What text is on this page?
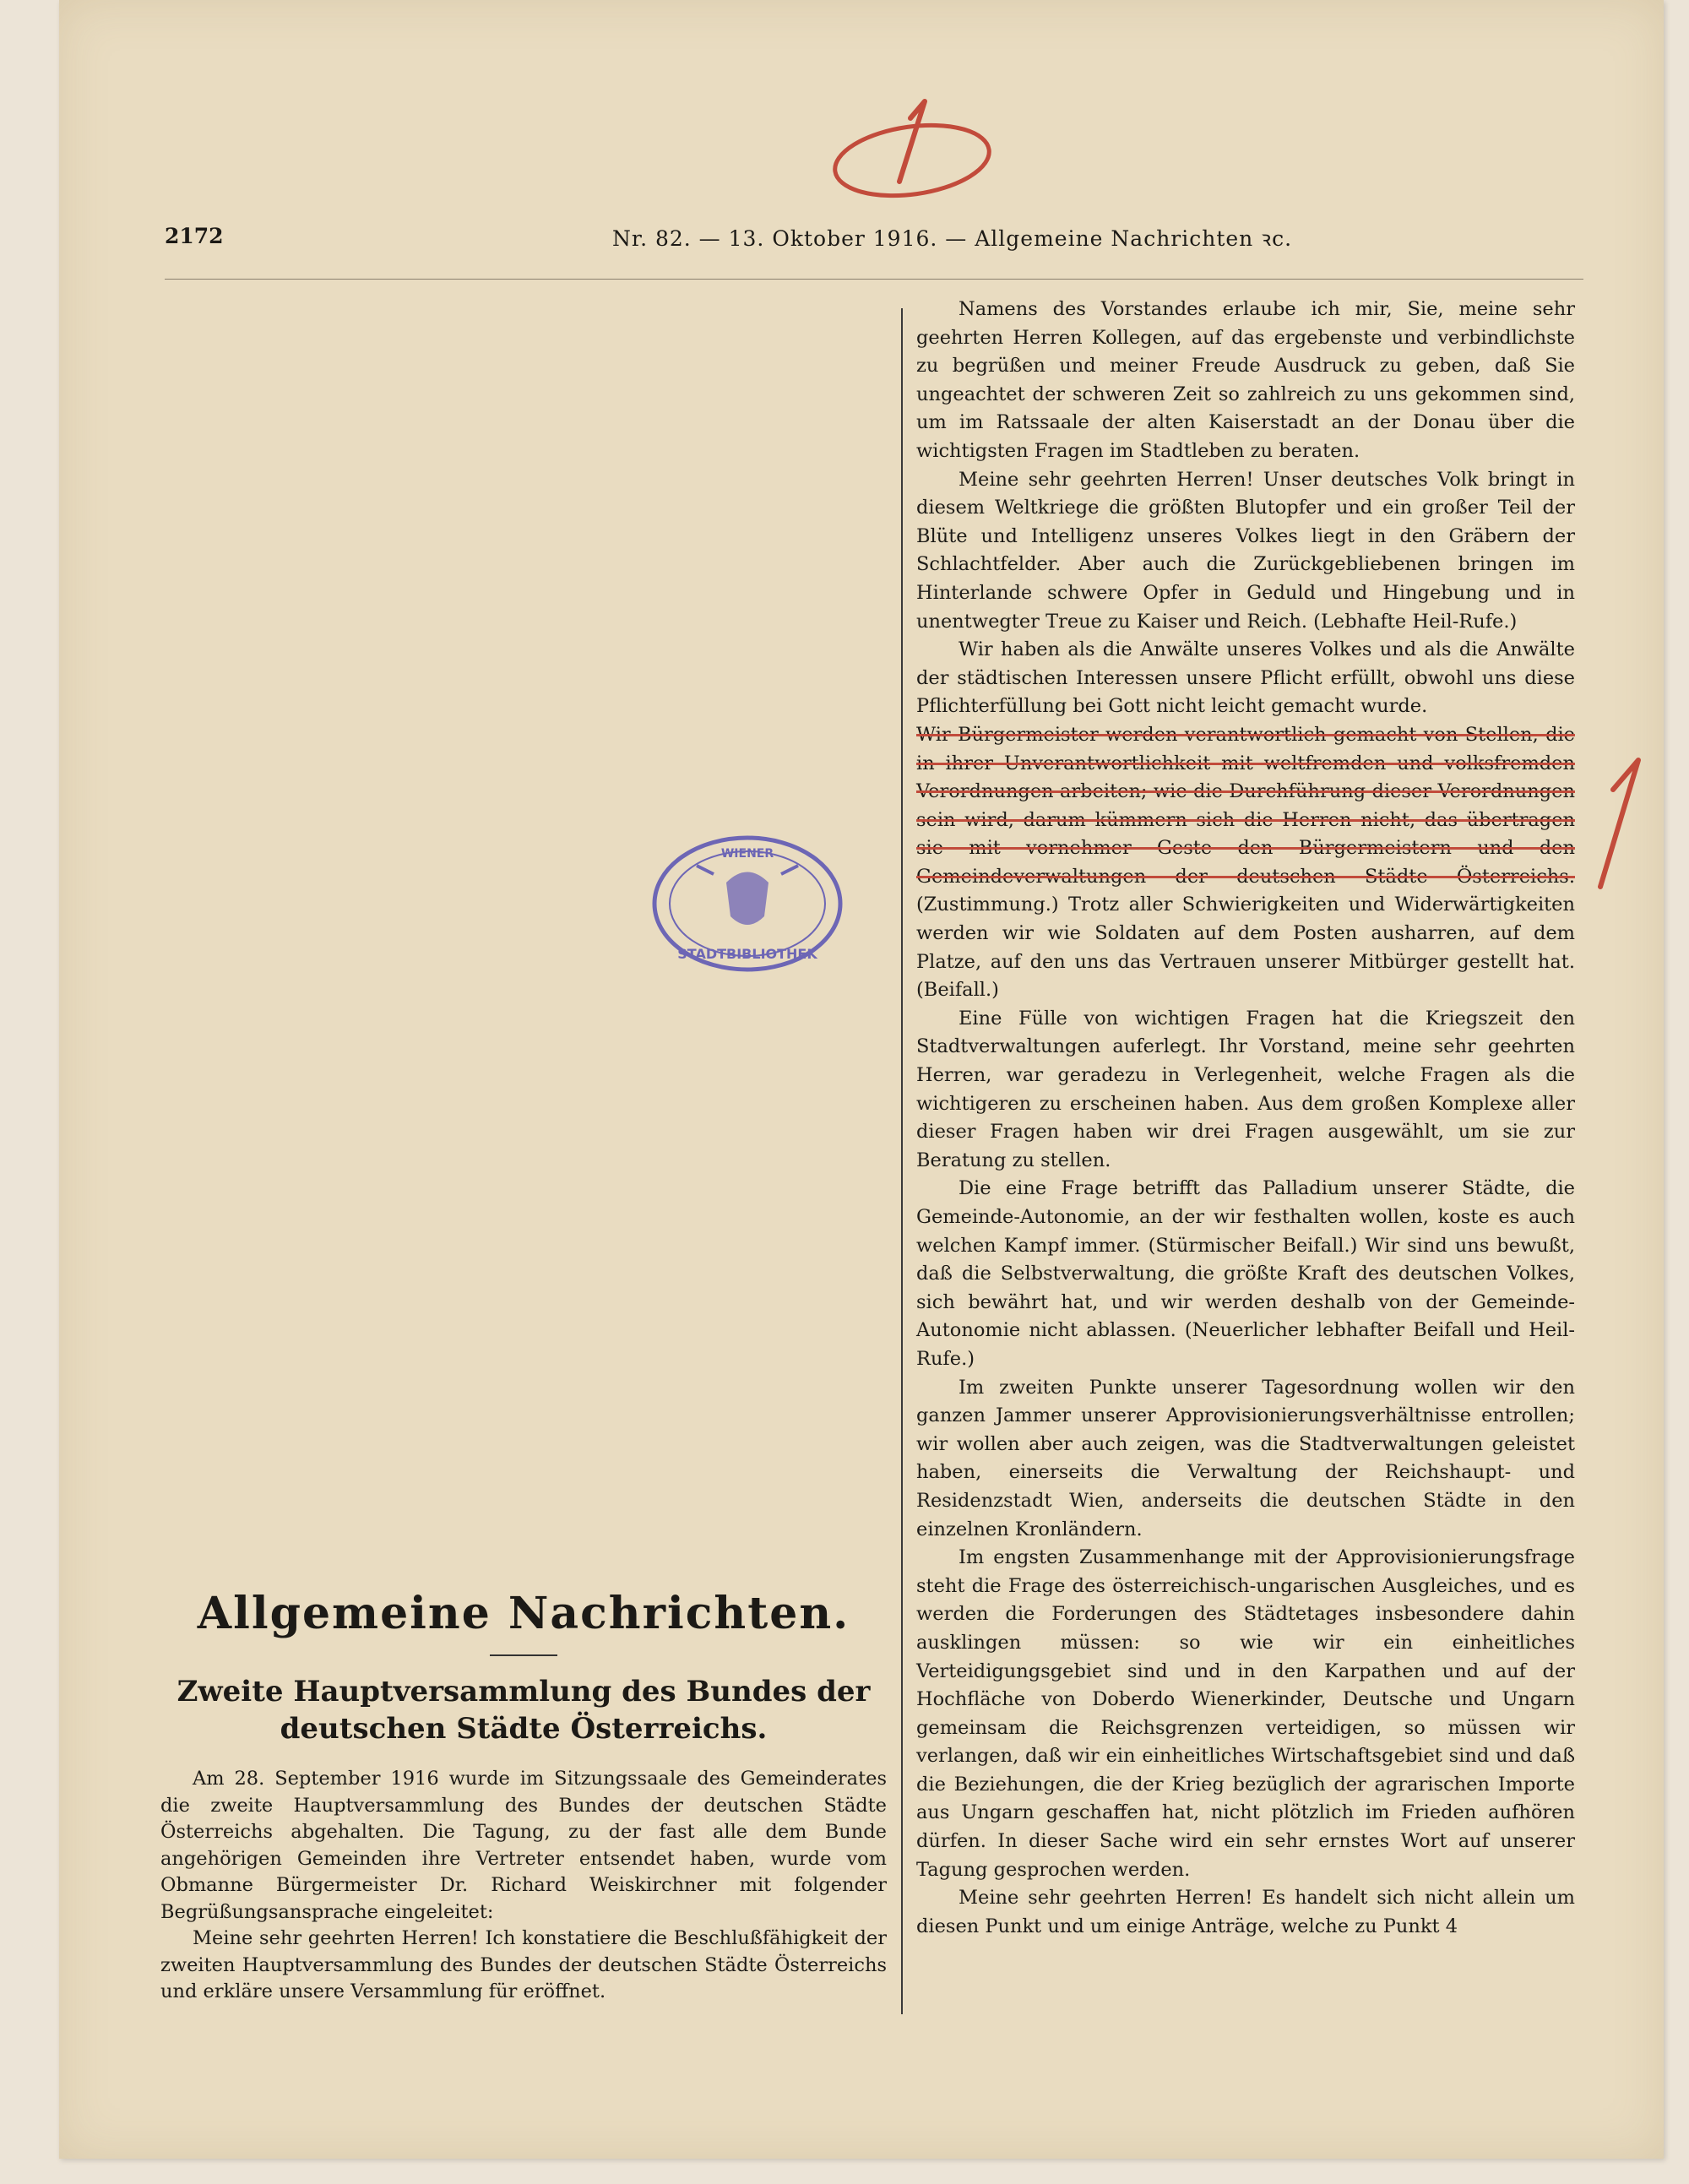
2172	Nr. 82. — 13. Oktober 1916. — Allgemeine Nachrichten ꝛc.
STADTBIBLIOTHEK
WIENER
Allgemeine Nachrichten.
Zweite Hauptversammlung des Bundes der deutschen Städte Österreichs.

Am 28. September 1916 wurde im Sitzungssaale des Gemeinderates die zweite Hauptversammlung des Bundes der deutschen Städte Österreichs abgehalten. Die Tagung, zu der fast alle dem Bunde angehörigen Gemeinden ihre Vertreter entsendet haben, wurde vom Obmanne Bürgermeister Dr. Richard Weiskirchner mit folgender Begrüßungsansprache eingeleitet:

Meine sehr geehrten Herren! Ich konstatiere die Beschlußfähigkeit der zweiten Hauptversammlung des Bundes der deutschen Städte Österreichs und erkläre unsere Versammlung für eröffnet.

Namens des Vorstandes erlaube ich mir, Sie, meine sehr geehrten Herren Kollegen, auf das ergebenste und verbindlichste zu begrüßen und meiner Freude Ausdruck zu geben, daß Sie ungeachtet der schweren Zeit so zahlreich zu uns gekommen sind, um im Ratssaale der alten Kaiserstadt an der Donau über die wichtigsten Fragen im Stadtleben zu beraten.

Meine sehr geehrten Herren! Unser deutsches Volk bringt in diesem Weltkriege die größten Blutopfer und ein großer Teil der Blüte und Intelligenz unseres Volkes liegt in den Gräbern der Schlachtfelder. Aber auch die Zurückgebliebenen bringen im Hinterlande schwere Opfer in Geduld und Hingebung und in unentwegter Treue zu Kaiser und Reich. (Lebhafte Heil-Rufe.)

Wir haben als die Anwälte unseres Volkes und als die Anwälte der städtischen Interessen unsere Pflicht erfüllt, obwohl uns diese Pflichterfüllung bei Gott nicht leicht gemacht wurde.

Wir Bürgermeister werden verantwortlich gemacht von Stellen, die in ihrer Unverantwortlichkeit mit weltfremden und volksfremden Verordnungen arbeiten; wie die Durchführung dieser Verordnungen sein wird, darum kümmern sich die Herren nicht, das übertragen sie mit vornehmer Geste den Bürgermeistern und den Gemeindeverwaltungen der deutschen Städte Österreichs. (Zustimmung.) Trotz aller Schwierigkeiten und Widerwärtigkeiten werden wir wie Soldaten auf dem Posten ausharren, auf dem Platze, auf den uns das Vertrauen unserer Mitbürger gestellt hat. (Beifall.)

Eine Fülle von wichtigen Fragen hat die Kriegszeit den Stadtverwaltungen auferlegt. Ihr Vorstand, meine sehr geehrten Herren, war geradezu in Verlegenheit, welche Fragen als die wichtigeren zu erscheinen haben. Aus dem großen Komplexe aller dieser Fragen haben wir drei Fragen ausgewählt, um sie zur Beratung zu stellen.

Die eine Frage betrifft das Palladium unserer Städte, die Gemeinde-Autonomie, an der wir festhalten wollen, koste es auch welchen Kampf immer. (Stürmischer Beifall.) Wir sind uns bewußt, daß die Selbstverwaltung, die größte Kraft des deutschen Volkes, sich bewährt hat, und wir werden deshalb von der Gemeinde-Autonomie nicht ablassen. (Neuerlicher lebhafter Beifall und Heil-Rufe.)

Im zweiten Punkte unserer Tagesordnung wollen wir den ganzen Jammer unserer Approvisionierungsverhältnisse entrollen; wir wollen aber auch zeigen, was die Stadtverwaltungen geleistet haben, einerseits die Verwaltung der Reichshaupt- und Residenzstadt Wien, anderseits die deutschen Städte in den einzelnen Kronländern.

Im engsten Zusammenhange mit der Approvisionierungsfrage steht die Frage des österreichisch-ungarischen Ausgleiches, und es werden die Forderungen des Städtetages insbesondere dahin ausklingen müssen: so wie wir ein einheitliches Verteidigungsgebiet sind und in den Karpathen und auf der Hochfläche von Doberdo Wienerkinder, Deutsche und Ungarn gemeinsam die Reichsgrenzen verteidigen, so müssen wir verlangen, daß wir ein einheitliches Wirtschaftsgebiet sind und daß die Beziehungen, die der Krieg bezüglich der agrarischen Importe aus Ungarn geschaffen hat, nicht plötzlich im Frieden aufhören dürfen. In dieser Sache wird ein sehr ernstes Wort auf unserer Tagung gesprochen werden.

Meine sehr geehrten Herren! Es handelt sich nicht allein um diesen Punkt und um einige Anträge, welche zu Punkt 4
